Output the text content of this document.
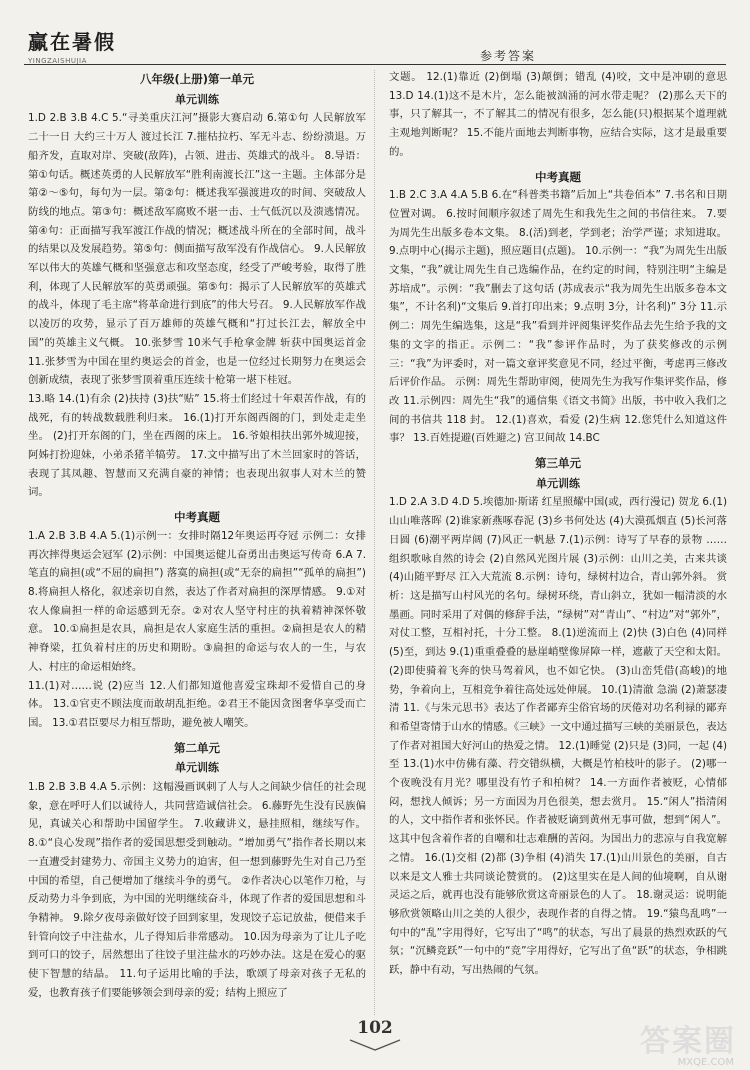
赢在暑假
YINGZAISHUJIA	参考答案
八年级(上册)第一单元
单元训练

1.D 2.B 3.B 4.C 5.“寻美重庆江河”摄影大赛启动 6.第①句 人民解放军 二十一日 大约三十万人 渡过长江 7.摧枯拉朽、军无斗志、纷纷溃退。万船齐发，直取对岸、突破(敌阵)，占领、进击、英雄式的战斗。 8.导语：第①句话。概述英勇的人民解放军“胜利南渡长江”这一主题。主体部分是第②～⑤句，每句为一层。第②句：概述我军强渡进攻的时间、突破敌人防线的地点。第③句：概述敌军腐败不堪一击、士气低沉以及溃逃情况。第④句：正面描写我军渡江作战的情况；概述战斗所在的全部时间，战斗的结果以及发展趋势。第⑤句：侧面描写敌军没有作战信心。 9.人民解放军以伟大的英雄气概和坚强意志和攻坚态度，经受了严峻考验，取得了胜利，体现了人民解放军的英勇顽强。第⑤句：揭示了人民解放军的英雄式的战斗，体现了毛主席“将革命进行到底”的伟大号召。 9.人民解放军作战以凌厉的攻势，显示了百万雄师的英雄气概和“打过长江去，解放全中国”的英雄主义气概。 10.张梦雪 10米气手枪拿金牌 斩获中国奥运首金 11.张梦雪为中国在里约奥运会的首金，也是一位经过长期努力在奥运会创新成绩，表现了张梦雪顶着重压连续十枪第一堪下桂冠。

13.略 14.(1)有余 (2)扶持 (3)扶“贴” 15.将士们经过十年艰苦作战，有的战死，有的转战数载胜利归来。 16.(1)打开东阁西阁的门，到处走走坐坐。 (2)打开东阁的门，坐在西阁的床上。 16.爷娘相扶出郭外城迎接，阿姊打扮迎妹，小弟杀猪羊犒劳。 17.文中描写出了木兰回家时的答话，表现了其凤趣、智慧而又充满自豪的神情；也表现出叙事人对木兰的赞词。

中考真题

1.A 2.B 3.B 4.A 5.(1)示例一：女排时隔12年奥运再夺冠 示例二：女排再次摔得奥运会冠军 (2)示例：中国奥运健儿奋勇出击奥运写传奇 6.A 7.笔直的扁担(或“不屈的扁担”) 落寞的扁担(或“无奈的扁担”“孤单的扁担”) 8.将扁担人格化，叙述亲切自然，表达了作者对扁担的深厚情感。 9.①对农人像扁担一样的命运感到无奈。②对农人坚守村庄的执着精神深怀敬意。 10.①扁担是农具，扁担是农人家庭生活的重担。②扁担是农人的精神脊梁，扛负着村庄的历史和期盼。③扁担的命运与农人的一生，与农人、村庄的命运相始终。

11.(1)对……说 (2)应当 12.人们都知道他喜爱宝珠却不爱惜自己的身体。 13.①官吏不顾法度而敢胡乱拒绝。②君王不能因贪图奢华享受而亡国。 13.①君臣要尽力相互帮助，避免被人嘲笑。

第二单元
单元训练

1.B 2.B 3.B 4.A 5.示例：这幅漫画讽刺了人与人之间缺少信任的社会现象，意在呼吁人们以诚待人，共同营造诚信社会。 6.藤野先生没有民族偏见，真诚关心和帮助中国留学生。 7.收藏讲义，悬挂照相，继续写作。 8.①“良心发现”指作者的爱国思想受到触动。“增加勇气”指作者长期以来一直遭受封建势力、帝国主义势力的迫害，但一想到藤野先生对自己乃至中国的希望，自己便增加了继续斗争的勇气。 ②作者决心以笔作刀枪，与反动势力斗争到底，为中国的光明继续奋斗，体现了作者的爱国思想和斗争精神。 9.除夕夜母亲做好饺子回到家里，发现饺子忘记放盐，便借来手针管向饺子中注盐水，儿子得知后非常感动。 10.因为母亲为了让儿子吃到可口的饺子，居然想出了往饺子里注盐水的巧妙办法。这是在爱心的驱使下智慧的结晶。 11.句子运用比喻的手法，歌颂了母亲对孩子无私的爱，也教育孩子们要能够领会到母亲的爱；结构上照应了

文题。 12.(1)靠近 (2)倒塌 (3)颠倒；错乱 (4)咬，文中是冲刷的意思 13.D 14.(1)这不是木片，怎么能被汹涌的河水带走呢？ (2)那么天下的事，只了解其一，不了解其二的情况有很多，怎么能(只)根据某个道理就主观地判断呢？ 15.不能片面地去判断事物，应结合实际，这才是最重要的。

中考真题

1.B 2.C 3.A 4.A 5.B 6.在“科普类书籍”后加上“共卷佰本” 7.书名和日期位置对调。 6.按时间顺序叙述了周先生和我先生之间的书信往来。 7.要为周先生出版多卷本文集。 8.(活)到老，学到老；治学严谨；求知进取。 9.点明中心(揭示主题)，照应题目(点题)。 10.示例一：“我”为周先生出版文集，“我”就让周先生自己选编作品，在约定的时间，特别注明“主编是苏培成”。示例：“我”删去了这句话 (苏成表示“我为周先生出版多卷本文集”，不计名利)“文集后 9.首打印出来；9.点明 3分，计名利)” 3分 11.示例二：周先生编选集，这是“我”看到并评阅集评奖作品去先生给予我的文集的文字的指正。示例二：“我”参评作品时，为了获奖修改的示例三：“我”为评委时，对一篇文章评奖意见不同，经过平衡，考虑再三修改后评价作品。 示例：周先生帮助审阅，使周先生为我写作集评奖作品，修改 11.示例四：周先生“我”的通信集《语文书简》出版，书中收入我们之间的书信共 118 封。 12.(1)喜欢，看爱 (2)生病 12.您凭什么知道这件事？ 13.百姓提避(百姓避之) 宫卫间故 14.BC

第三单元
单元训练

1.D 2.A 3.D 4.D 5.埃德加·斯诺 红星照耀中国(或，西行漫记) 贺龙 6.(1)山山唯落晖 (2)谁家新燕啄春泥 (3)乡书何处达 (4)大漠孤烟直 (5)长河落日圆 (6)潮平两岸阔 (7)风正一帆悬 7.(1)示例：诗写了早春的景物 …… 组织歌咏自然的诗会 (2)自然风光图片展 (3)示例：山川之美，古来共谈 (4)山随平野尽 江入大荒流 8.示例：诗句，绿树村边合，青山郭外斜。 赏析：这是描写山村风光的名句。绿树环绕，青山斜立，犹如一幅清淡的水墨画。同时采用了对偶的修辞手法，“绿树”对“青山”、“村边”对“郭外”，对仗工整，互相衬托，十分工整。 8.(1)逆流而上 (2)快 (3)白色 (4)同样 (5)至，到达 9.(1)重重叠叠的悬崖峭壁像屏障一样，遮蔽了天空和太阳。 (2)即使骑着飞奔的快马驾着风，也不如它快。 (3)山峦凭借(高峻)的地势，争着向上，互相竞争着往高处远处伸展。 10.(1)清澈 急湍 (2)萧瑟凄清 11.《与朱元思书》表达了作者鄙弃尘俗官场的厌倦对功名利禄的鄙弃和希望寄情于山水的情感。《三峡》一文中通过描写三峡的美丽景色，表达了作者对祖国大好河山的热爱之情。 12.(1)睡觉 (2)只是 (3)同，一起 (4)至 13.(1)水中仿佛有藻、荇交错纵横，大概是竹柏枝叶的影子。 (2)哪一个夜晚没有月光？哪里没有竹子和柏树？ 14.一方面作者被贬，心情郁闷，想找人倾诉；另一方面因为月色很美，想去赏月。 15.“闲人”指清闲的人，文中指作者和张怀民。作者被贬谪到黄州无事可做，想到“闲人”。这其中包含着作者的自嘲和壮志难酬的苦闷。为国出力的悲凉与自我宽解之情。 16.(1)交相 (2)都 (3)争相 (4)消失 17.(1)山川景色的美丽，自古以来是文人雅士共同谈论赞赏的。 (2)这里实在是人间的仙境啊，自从谢灵运之后，就再也没有能够欣赏这奇丽景色的人了。 18.谢灵运：说明能够欣赏领略山川之美的人很少，表现作者的自得之情。 19.“猿鸟乱鸣”一句中的“乱”字用得好，它写出了“鸣”的状态，写出了晨景的热烈欢跃的气氛；“沉鳞竞跃”一句中的“竞”字用得好，它写出了鱼“跃”的状态，争相跳跃，静中有动，写出热闹的气氛。

102	答案圈
MXQE.COM
